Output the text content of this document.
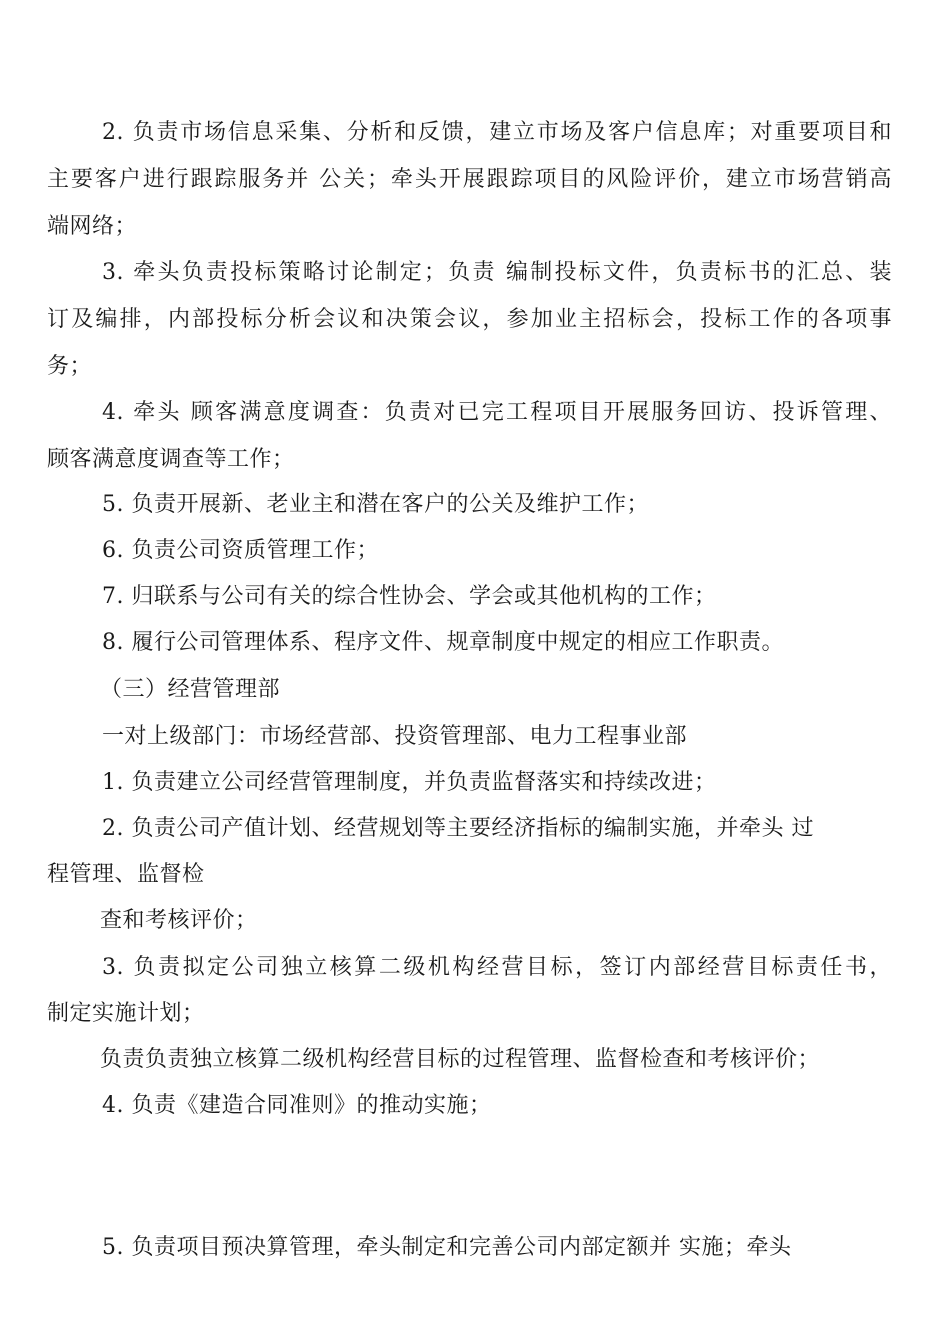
2. 负责市场信息采集、分析和反馈，建立市场及客户信息库；对重要项目和
主要客户进行跟踪服务并 公关；牵头开展跟踪项目的风险评价，建立市场营销高
端网络；
3. 牵头负责投标策略讨论制定；负责 编制投标文件，负责标书的汇总、装
订及编排，内部投标分析会议和决策会议，参加业主招标会，投标工作的各项事
务；
4. 牵头 顾客满意度调查：负责对已完工程项目开展服务回访、投诉管理、
顾客满意度调查等工作；
5. 负责开展新、老业主和潜在客户的公关及维护工作；
6. 负责公司资质管理工作；
7. 归联系与公司有关的综合性协会、学会或其他机构的工作；
8. 履行公司管理体系、程序文件、规章制度中规定的相应工作职责。
（三）经营管理部
一对上级部门：市场经营部、投资管理部、电力工程事业部
1. 负责建立公司经营管理制度，并负责监督落实和持续改进；
2. 负责公司产值计划、经营规划等主要经济指标的编制实施，并牵头 过
程管理、监督检
查和考核评价；
3. 负责拟定公司独立核算二级机构经营目标，签订内部经营目标责任书，
制定实施计划；
负责负责独立核算二级机构经营目标的过程管理、监督检查和考核评价；
4. 负责《建造合同准则》的推动实施；
5. 负责项目预决算管理，牵头制定和完善公司内部定额并 实施；牵头
